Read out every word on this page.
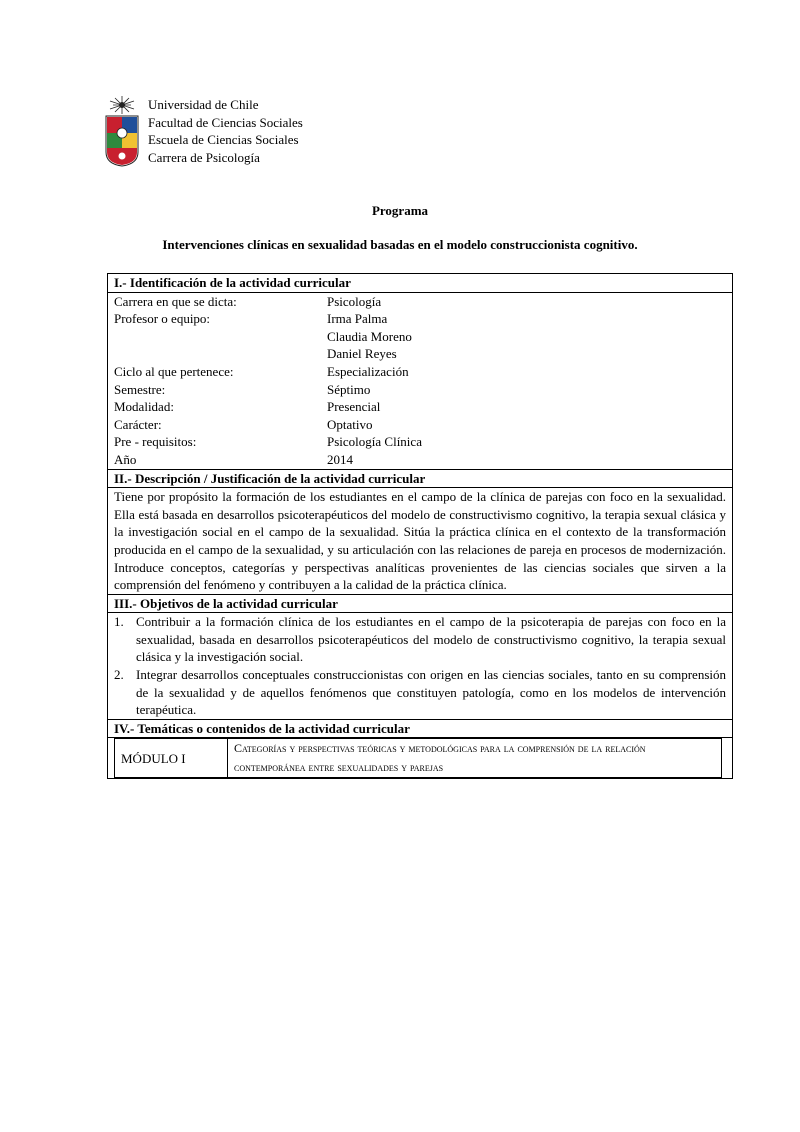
Universidad de Chile
Facultad de Ciencias Sociales
Escuela de Ciencias Sociales
Carrera de Psicología
Programa
Intervenciones clínicas en sexualidad basadas en el modelo construccionista cognitivo.
I.- Identificación de la actividad curricular

Carrera en que se dicta:	Psicología
Profesor o equipo:	Irma Palma
	Claudia Moreno
	Daniel Reyes
Ciclo al que pertenece:	Especialización
Semestre:	Séptimo
Modalidad:	Presencial
Carácter:	Optativo
Pre - requisitos:	Psicología Clínica
Año	2014

II.- Descripción / Justificación de la actividad curricular
Tiene por propósito la formación de los estudiantes en el campo de la clínica de parejas con foco en la sexualidad. Ella está basada en desarrollos psicoterapéuticos del modelo de constructivismo cognitivo, la terapia sexual clásica y la investigación social en el campo de la sexualidad. Sitúa la práctica clínica en el contexto de la transformación producida en el campo de la sexualidad, y su articulación con las relaciones de pareja en procesos de modernización. Introduce conceptos, categorías y perspectivas analíticas provenientes de las ciencias sociales que sirven a la comprensión del fenómeno y contribuyen a la calidad de la práctica clínica.
III.- Objetivos de la actividad curricular

1. Contribuir a la formación clínica de los estudiantes en el campo de la psicoterapia de parejas con foco en la sexualidad, basada en desarrollos psicoterapéuticos del modelo de constructivismo cognitivo, la terapia sexual clásica y la investigación social.
2. Integrar desarrollos conceptuales construccionistas con origen en las ciencias sociales, tanto en su comprensión de la sexualidad y de aquellos fenómenos que constituyen patología, como en los modelos de intervención terapéutica.

IV.- Temáticas o contenidos de la actividad curricular

MÓDULO I	Categorías y perspectivas teóricas y metodológicas para la comprensión de la relación contemporánea entre sexualidades y parejas
